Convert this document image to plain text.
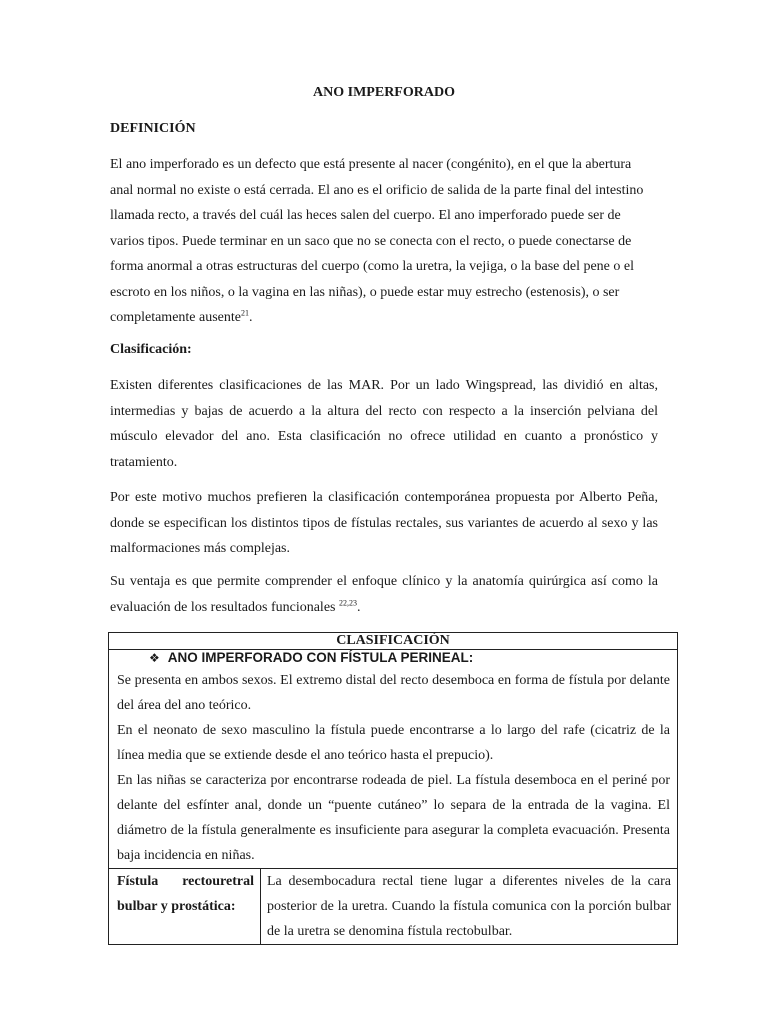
ANO IMPERFORADO
DEFINICIÓN
El ano imperforado es un defecto que está presente al nacer (congénito), en el que la abertura anal normal no existe o está cerrada. El ano es el orificio de salida de la parte final del intestino llamada recto, a través del cuál las heces salen del cuerpo. El ano imperforado puede ser de varios tipos. Puede terminar en un saco que no se conecta con el recto, o puede conectarse de forma anormal a otras estructuras del cuerpo (como la uretra, la vejiga, o la base del pene o el escroto en los niños, o la vagina en las niñas), o puede estar muy estrecho (estenosis), o ser completamente ausente$^{21}$.
Clasificación:
Existen diferentes clasificaciones de las MAR. Por un lado Wingspread, las dividió en altas, intermedias y bajas de acuerdo a la altura del recto con respecto a la inserción pelviana del músculo elevador del ano. Esta clasificación no ofrece utilidad en cuanto a pronóstico y tratamiento.
Por este motivo muchos prefieren la clasificación contemporánea propuesta por Alberto Peña, donde se especifican los distintos tipos de fístulas rectales, sus variantes de acuerdo al sexo y las malformaciones más complejas.
Su ventaja es que permite comprender el enfoque clínico y la anatomía quirúrgica así como la evaluación de los resultados funcionales $^{22,23}$.
CLASIFICACIÓN
❖ ANO IMPERFORADO CON FÍSTULA PERINEAL:

Se presenta en ambos sexos. El extremo distal del recto desemboca en forma de fístula por delante del área del ano teórico.

En el neonato de sexo masculino la fístula puede encontrarse a lo largo del rafe (cicatriz de la línea media que se extiende desde el ano teórico hasta el prepucio).

En las niñas se caracteriza por encontrarse rodeada de piel. La fístula desemboca en el periné por delante del esfínter anal, donde un “puente cutáneo” lo separa de la entrada de la vagina. El diámetro de la fístula generalmente es insuficiente para asegurar la completa evacuación. Presenta baja incidencia en niñas.

Fístula rectouretral bulbar y prostática:
La desembocadura rectal tiene lugar a diferentes niveles de la cara posterior de la uretra. Cuando la fístula comunica con la porción bulbar de la uretra se denomina fístula rectobulbar.
